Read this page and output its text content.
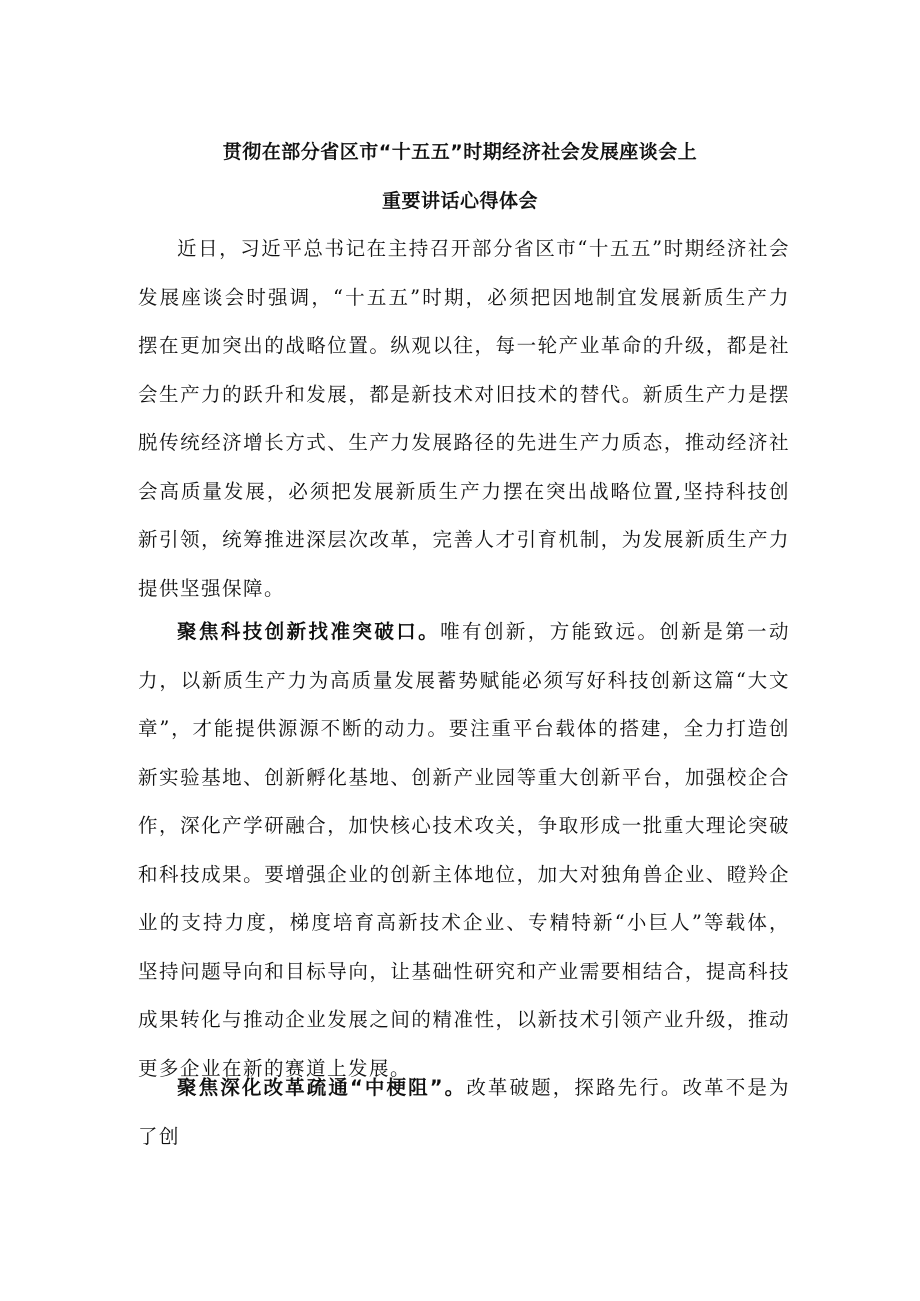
贯彻在部分省区市“十五五”时期经济社会发展座谈会上
重要讲话心得体会

近日，习近平总书记在主持召开部分省区市“十五五”时期经济社会发展座谈会时强调，“十五五”时期，必须把因地制宜发展新质生产力摆在更加突出的战略位置。纵观以往，每一轮产业革命的升级，都是社会生产力的跃升和发展，都是新技术对旧技术的替代。新质生产力是摆脱传统经济增长方式、生产力发展路径的先进生产力质态，推动经济社会高质量发展，必须把发展新质生产力摆在突出战略位置,坚持科技创新引领，统筹推进深层次改革，完善人才引育机制，为发展新质生产力提供坚强保障。

聚焦科技创新找准突破口。唯有创新，方能致远。创新是第一动力，以新质生产力为高质量发展蓄势赋能必须写好科技创新这篇“大文章”，才能提供源源不断的动力。要注重平台载体的搭建，全力打造创新实验基地、创新孵化基地、创新产业园等重大创新平台，加强校企合作，深化产学研融合，加快核心技术攻关，争取形成一批重大理论突破和科技成果。要增强企业的创新主体地位，加大对独角兽企业、瞪羚企业的支持力度，梯度培育高新技术企业、专精特新“小巨人”等载体，坚持问题导向和目标导向，让基础性研究和产业需要相结合，提高科技成果转化与推动企业发展之间的精准性，以新技术引领产业升级，推动更多企业在新的赛道上发展。

聚焦深化改革疏通“中梗阻”。改革破题，探路先行。改革不是为了创
